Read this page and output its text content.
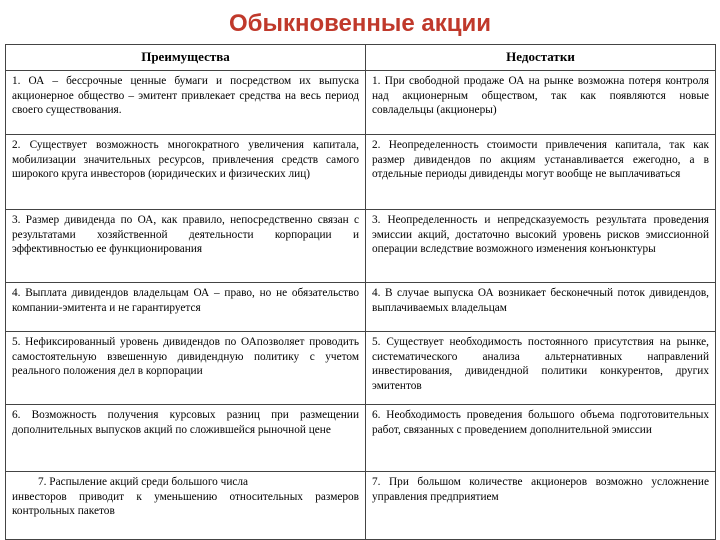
Обыкновенные акции
Преимущества	Недостатки
1. ОА – бессрочные ценные бумаги и посредством их выпуска акционерное общество – эмитент привлекает средства на весь период своего существования.	1. При свободной продаже ОА на рынке возможна потеря контроля над акционерным обществом, так как появляются новые совладельцы (акционеры)
2. Существует возможность многократного увеличения капитала, мобилизации значительных ресурсов, привлечения средств самого широкого круга инвесторов (юридических и физических лиц)	2. Неопределенность стоимости привлечения капитала, так как размер дивидендов по акциям устанавливается ежегодно, а в отдельные периоды дивиденды могут вообще не выплачиваться
3. Размер дивиденда по ОА, как правило, непосредственно связан с результатами хозяйственной деятельности корпорации и эффективностью ее функционирования	3. Неопределенность и непредсказуемость результата проведения эмиссии акций, достаточно высокий уровень рисков эмиссионной операции вследствие возможного изменения конъюнктуры
4. Выплата дивидендов владельцам ОА – право, но не обязательство компании-эмитента и не гарантируется	4. В случае выпуска ОА возникает бесконечный поток дивидендов, выплачиваемых владельцам
5. Нефиксированный уровень дивидендов по ОАпозволяет проводить самостоятельную взвешенную дивидендную политику с учетом реального положения дел в корпорации	5. Существует необходимость постоянного присутствия на рынке, систематического анализа альтернативных направлений инвестирования, дивидендной политики конкурентов, других эмитентов
6. Возможность получения курсовых разниц при размещении дополнительных выпусков акций по сложившейся рыночной цене	6. Необходимость проведения большого объема подготовительных работ, связанных с проведением дополнительной эмиссии

7. Распыление акций среди большого числа
инвесторов приводит к уменьшению относительных размеров контрольных пакетов	7. При большом количестве акционеров возможно усложнение управления предприятием
